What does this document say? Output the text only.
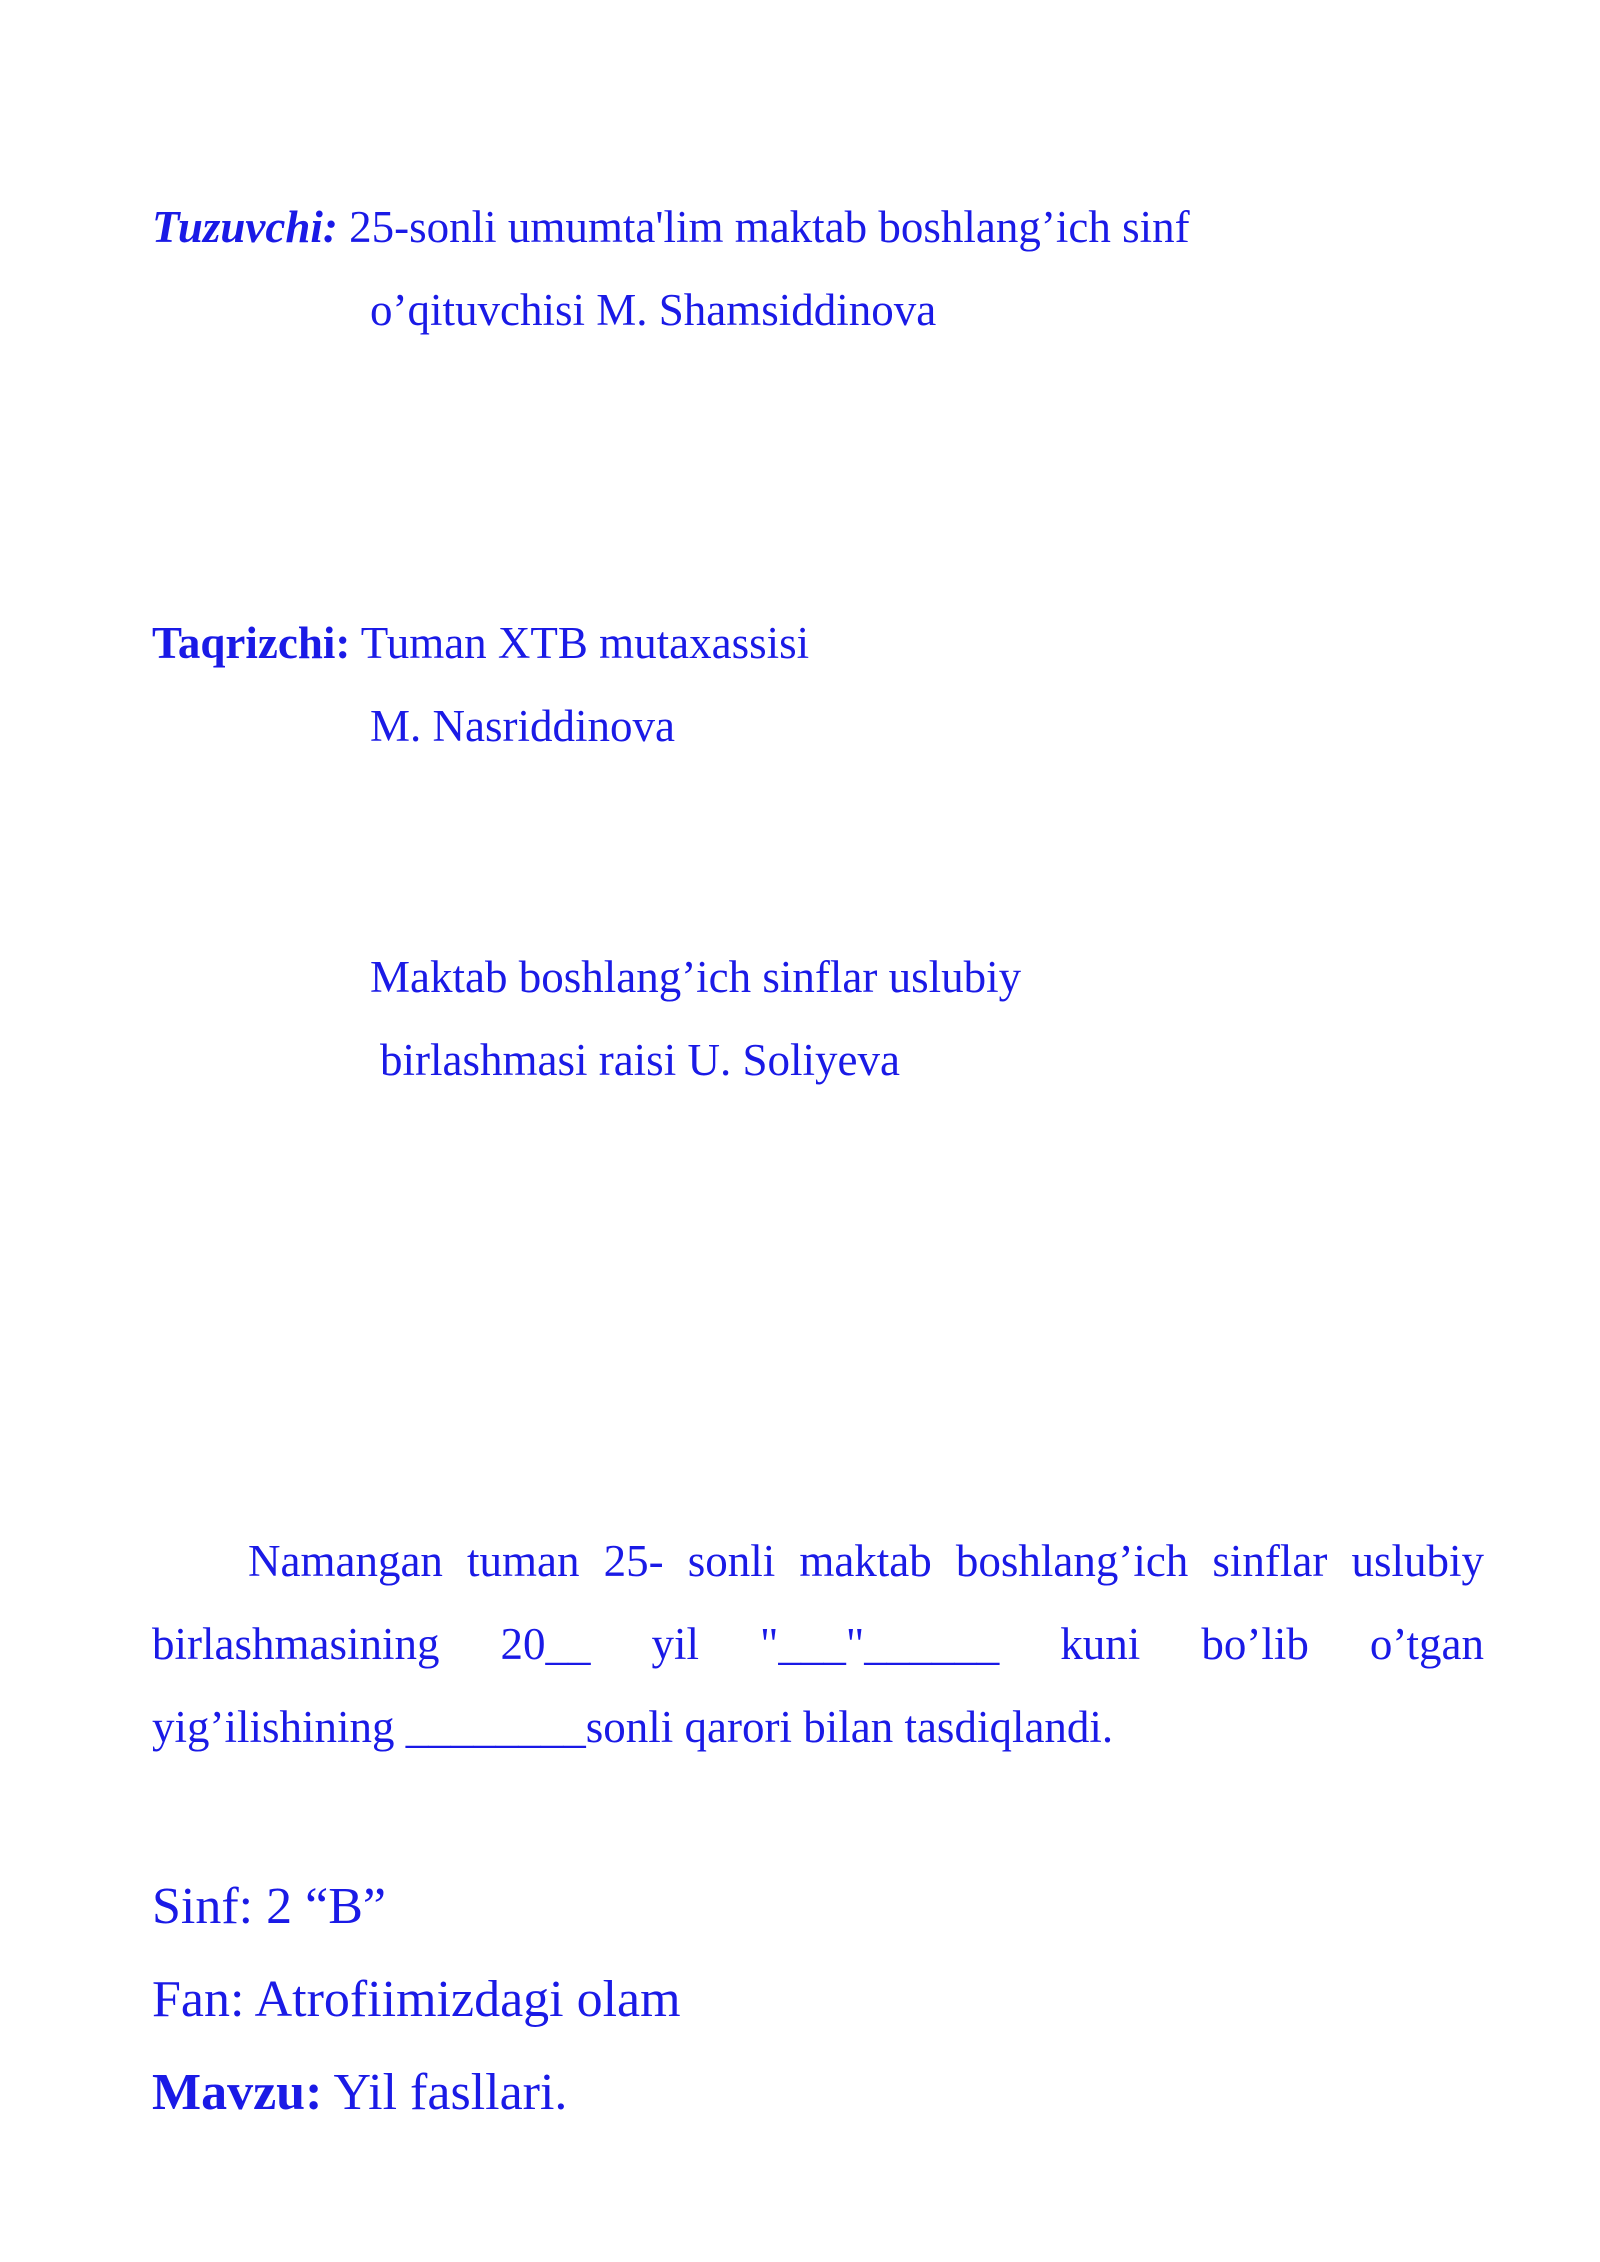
Tuzuvchi: 25-sonli umumta'lim maktab boshlang’ich sinf
o’qituvchisi M. Shamsiddinova
Taqrizchi: Tuman XTB mutaxassisi
M. Nasriddinova
Maktab boshlang’ich sinflar uslubiy
birlashmasi raisi U. Soliyeva
Namangan tuman 25- sonli maktab boshlang’ich sinflar uslubiy
birlashmasining 20__ yil "___"______ kuni bo’lib o’tgan
yig’ilishining ________sonli qarori bilan tasdiqlandi.
Sinf: 2 “B”
Fan: Atrofiimizdagi olam
Mavzu: Yil fasllari.
